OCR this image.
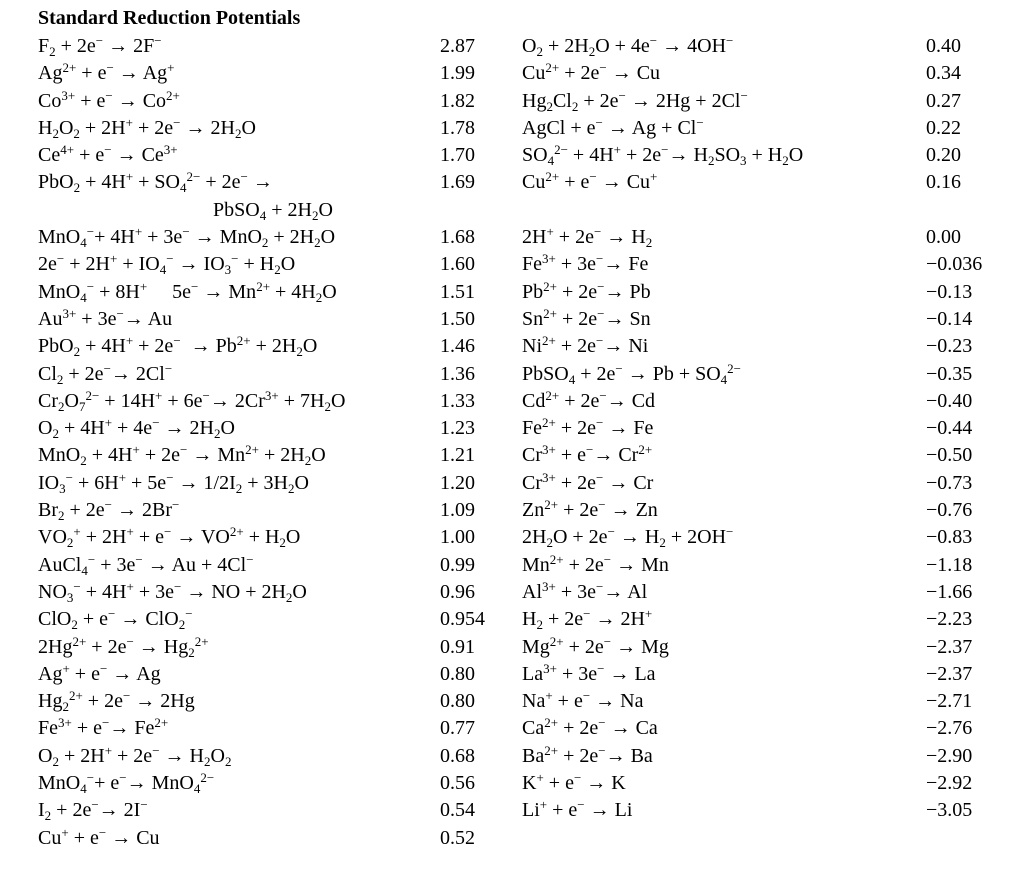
Standard Reduction Potentials
$F_2 + 2e^- \to 2F^-$	2.87
$Ag^{2+} + e^- \to Ag^+$	1.99
$Co^{3+} + e^- \to Co^{2+}$	1.82
$H_2O_2 + 2H^+ + 2e^- \to 2H_2O$	1.78
$Ce^{4+} + e^- \to Ce^{3+}$	1.70
$PbO_2 + 4H^+ + SO_4^{2-} + 2e^-$ →	1.69
PbSO$_4$ + $2H_2O$
$MnO_4^-+ 4H^+ + 3e^- \to MnO_2 + 2H_2O$	1.68
$2e^- + 2H^+ + IO_4^- \to IO_3^- + H_2O$	1.60
MnO$_4$− + 8H+     $5e^- \to Mn^{2+} + 4H_2O$	1.51
$Au^{3+} + 3e^-\to Au$	1.50
$PbO_2 + 4H^+ + 2e^- \to Pb^{2+} + 2H_2O$	1.46
$Cl_2 + 2e^-\to 2Cl^-$	1.36
$Cr_2O_7^{2-} + 14H^+ + 6e^-\to 2Cr^{3+} + 7H_2O$	1.33
$O_2 + 4H^+ + 4e^- \to 2H_2O$	1.23
$MnO_2 + 4H^+ + 2e^- \to Mn^{2+} + 2H_2O$	1.21
$IO_3^- + 6H^+ + 5e^- \to 1/2I_2 + 3H_2O$	1.20
$Br_2 + 2e^- \to 2Br^-$	1.09
$VO_2^+ + 2H^+ + e^- \to VO^{2+} + H_2O$	1.00
AuCl$_4$− + 3e− → Au + 4Cl−	0.99
$NO_3^- + 4H^+ + 3e^-$ → NO + $2H_2O$	0.96
ClO$_2$ + e− → ClO$_2$−	0.954
$2Hg^{2+} + 2e^- \to Hg_2^{2+}$	0.91
Ag+ + e− → Ag	0.80
$Hg_2^{2+} + 2e^- \to 2Hg$	0.80
$Fe^{3+} + e^-\to Fe^{2+}$	0.77
$O_2 + 2H^+ + 2e^- \to H_2O_2$	0.68
MnO$_4$−+ e−→ MnO$_4^{2-}$	0.56
$I_2 + 2e^-\to 2I^-$	0.54
Cu+ + e− → Cu	0.52
$O_2 + 2H_2O + 4e^- \to 4OH^-$	0.40
$Cu^{2+} + 2e^- \to Cu$	0.34
$Hg_2Cl_2 + 2e^- \to 2Hg + 2Cl^-$	0.27
AgCl + e− → Ag + Cl−	0.22
$SO_4^{2-} + 4H^+ + 2e^-\to H_2SO_3 + H_2O$	0.20
$Cu^{2+} + e^- \to Cu^+$	0.16
$2H^+ + 2e^- \to H_2$	0.00
$Fe^{3+} + 3e^-\to Fe$	−0.036
$Pb^{2+} + 2e^-\to Pb$	−0.13
$Sn^{2+} + 2e^-\to Sn$	−0.14
$Ni^{2+} + 2e^-\to Ni$	−0.23
PbSO$_4$ + $2e^- \to Pb + SO_4^{2-}$	−0.35
$Cd^{2+} + 2e^-\to Cd$	−0.40
$Fe^{2+} + 2e^- \to Fe$	−0.44
$Cr^{3+} + e^-\to Cr^{2+}$	−0.50
$Cr^{3+} + 2e^- \to Cr$	−0.73
$Zn^{2+} + 2e^- \to Zn$	−0.76
$2H_2O + 2e^- \to H_2 + 2OH^-$	−0.83
$Mn^{2+} + 2e^- \to Mn$	−1.18
$Al^{3+} + 3e^-\to Al$	−1.66
$H_2 + 2e^- \to 2H^+$	−2.23
$Mg^{2+} + 2e^- \to Mg$	−2.37
$La^{3+} + 3e^- \to La$	−2.37
Na+ + e− → Na	−2.71
$Ca^{2+} + 2e^- \to Ca$	−2.76
$Ba^{2+} + 2e^-\to Ba$	−2.90
K+ + e− → K	−2.92
Li+ + e− → Li	−3.05
